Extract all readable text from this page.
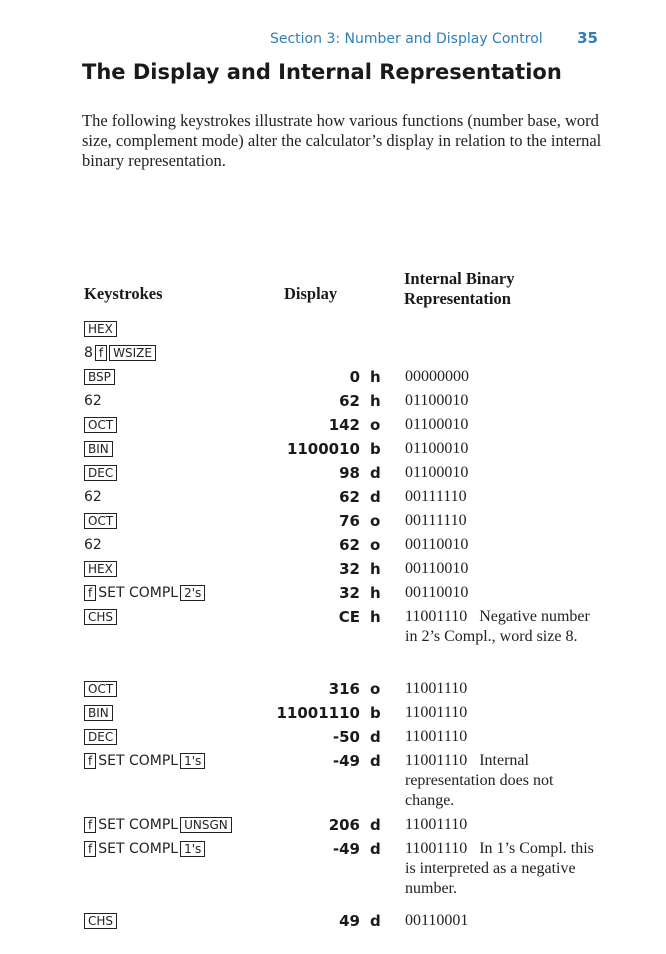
Section 3: Number and Display Control 35
The Display and Internal Representation

The following keystrokes illustrate how various functions (number base, word size, complement mode) alter the calculator’s display in relation to the internal binary representation.

Keystrokes	Display
Internal Binary
Representation
HEX
8 f WSIZE
BSP	0 h 00000000
62	62 h 01100010
OCT	142 o 01100010
BIN	1100010 b 01100010
DEC	98 d 01100010
62	62 d 00111110
OCT	76 o 00111110
62	62 o 00110010
HEX	32 h 00110010
f SET COMPL 2's	32 h 00110010
CHS	CE h 11001110 Negative number in 2’s Compl., word size 8.
OCT	316 o 11001110
BIN	11001110 b 11001110
DEC	-50 d 11001110
f SET COMPL 1's	-49 d 11001110 Internal representation does not change.
f SET COMPL UNSGN	206 d 11001110
f SET COMPL 1's	-49 d 11001110 In 1’s Compl. this is interpreted as a negative number.
CHS	49 d 00110001
